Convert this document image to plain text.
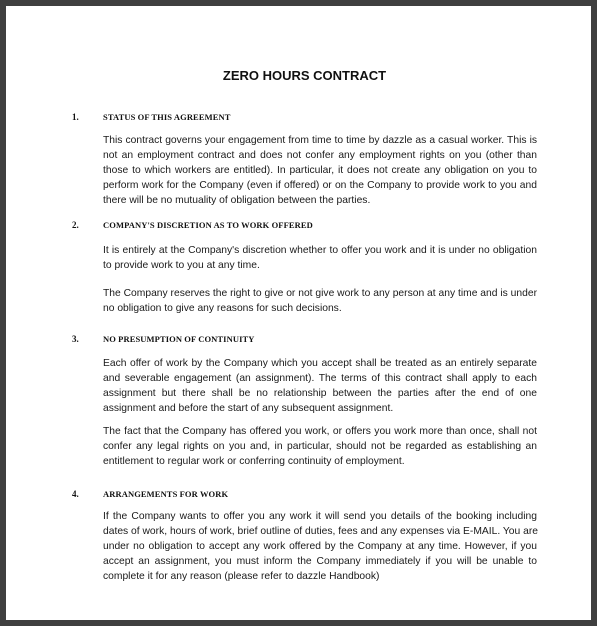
ZERO HOURS CONTRACT
1.	STATUS OF THIS AGREEMENT
This contract governs your engagement from time to time by dazzle as a casual worker. This is
not an employment contract and does not confer any employment rights on you (other than
those to which workers are entitled). In particular, it does not create any obligation on you to
perform work for the Company (even if offered) or on the Company to provide work to you and
there will be no mutuality of obligation between the parties.
2.	COMPANY'S DISCRETION AS TO WORK OFFERED
It is entirely at the Company's discretion whether to offer you work and it is under no obligation
to provide work to you at any time.
The Company reserves the right to give or not give work to any person at any time and is under
no obligation to give any reasons for such decisions.
3.	NO PRESUMPTION OF CONTINUITY
Each offer of work by the Company which you accept shall be treated as an entirely separate
and severable engagement (an assignment). The terms of this contract shall apply to each
assignment but there shall be no relationship between the parties after the end of one
assignment and before the start of any subsequent assignment.
The fact that the Company has offered you work, or offers you work more than once, shall not
confer any legal rights on you and, in particular, should not be regarded as establishing an
entitlement to regular work or conferring continuity of employment.
4.	ARRANGEMENTS FOR WORK
If the Company wants to offer you any work it will send you details of the booking including
dates of work, hours of work, brief outline of duties, fees and any expenses via E-MAIL. You are
under no obligation to accept any work offered by the Company at any time. However, if you
accept an assignment, you must inform the Company immediately if you will be unable to
complete it for any reason (please refer to dazzle Handbook)
